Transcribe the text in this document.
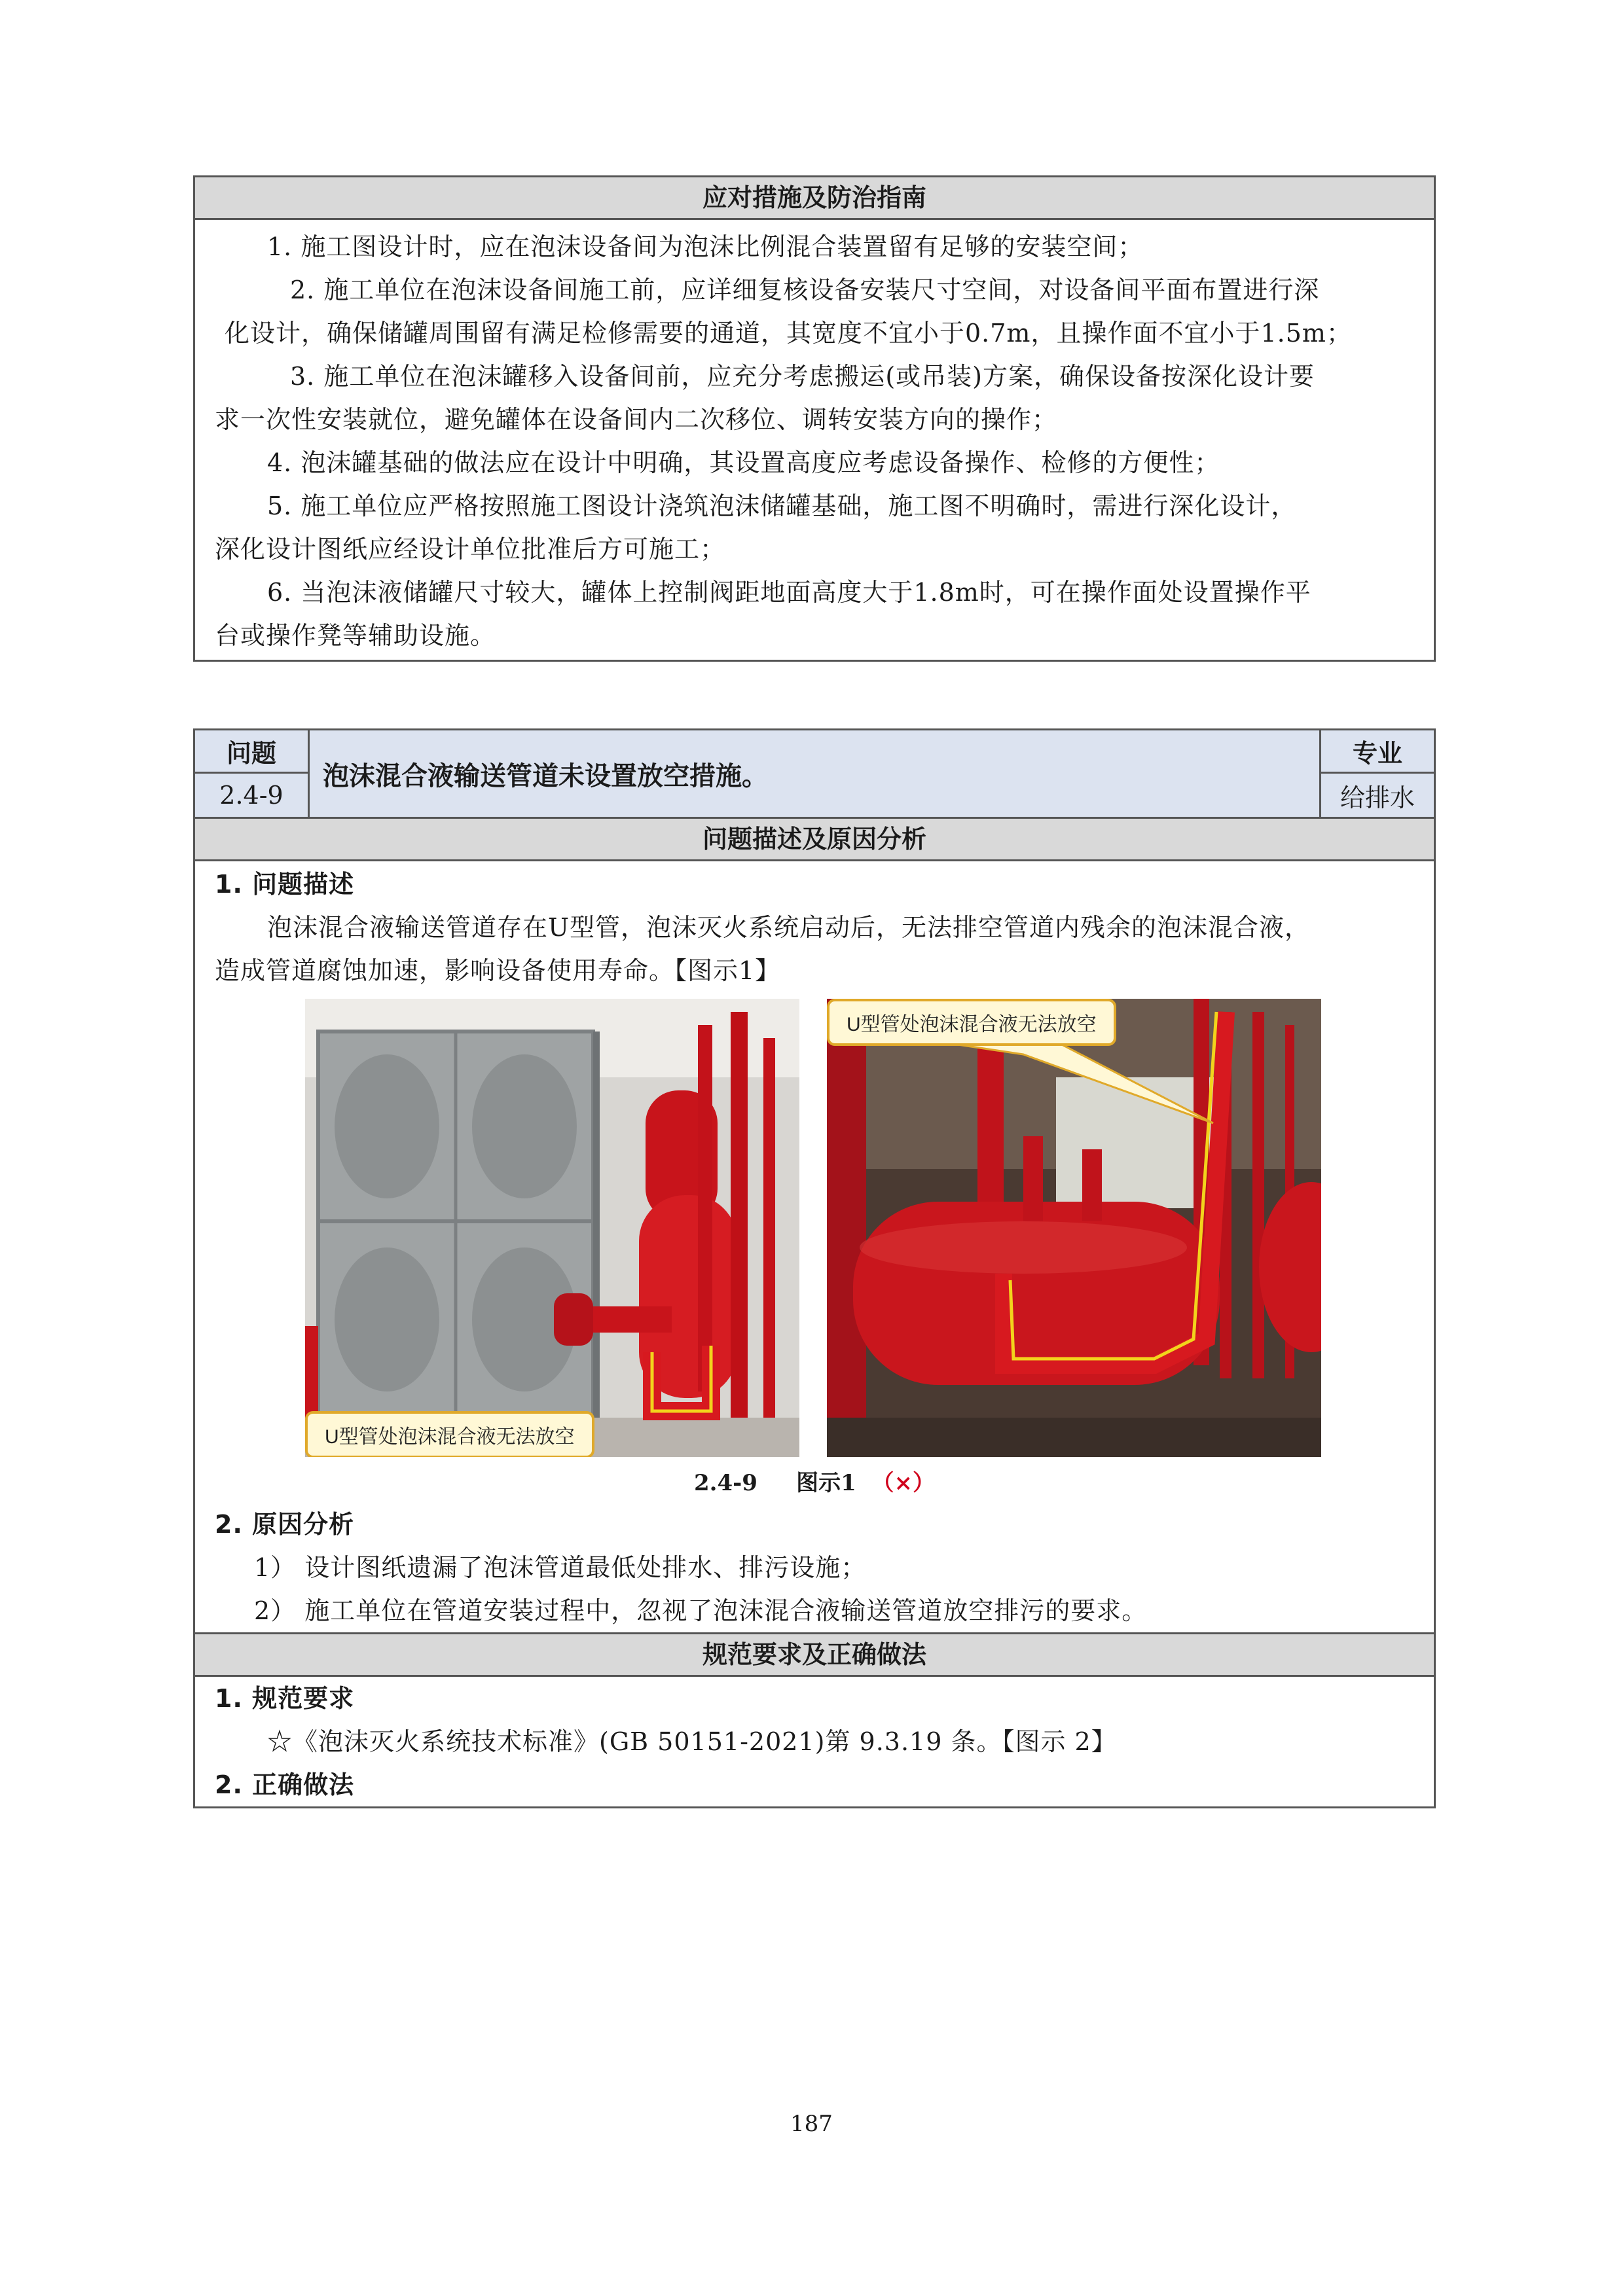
应对措施及防治指南

1. 施工图设计时，应在泡沫设备间为泡沫比例混合装置留有足够的安装空间；

2. 施工单位在泡沫设备间施工前，应详细复核设备安装尺寸空间，对设备间平面布置进行深

化设计，确保储罐周围留有满足检修需要的通道，其宽度不宜小于0.7m，且操作面不宜小于1.5m；

3. 施工单位在泡沫罐移入设备间前，应充分考虑搬运(或吊装)方案，确保设备按深化设计要

求一次性安装就位，避免罐体在设备间内二次移位、调转安装方向的操作；

4. 泡沫罐基础的做法应在设计中明确，其设置高度应考虑设备操作、检修的方便性；

5. 施工单位应严格按照施工图设计浇筑泡沫储罐基础，施工图不明确时，需进行深化设计，

深化设计图纸应经设计单位批准后方可施工；

6. 当泡沫液储罐尺寸较大，罐体上控制阀距地面高度大于1.8m时，可在操作面处设置操作平

台或操作凳等辅助设施。

问题
2.4-9
泡沫混合液输送管道未设置放空措施。
专业
给排水
问题描述及原因分析

1. 问题描述

泡沫混合液输送管道存在U型管，泡沫灭火系统启动后，无法排空管道内残余的泡沫混合液，

造成管道腐蚀加速，影响设备使用寿命。【图示1】

U型管处泡沫混合液无法放空
U型管处泡沫混合液无法放空
2.4-9 图示1 （×）

2. 原因分析

1） 设计图纸遗漏了泡沫管道最低处排水、排污设施；

2） 施工单位在管道安装过程中，忽视了泡沫混合液输送管道放空排污的要求。

规范要求及正确做法

1. 规范要求

☆《泡沫灭火系统技术标准》(GB 50151-2021)第 9.3.19 条。【图示 2】

2. 正确做法

187
